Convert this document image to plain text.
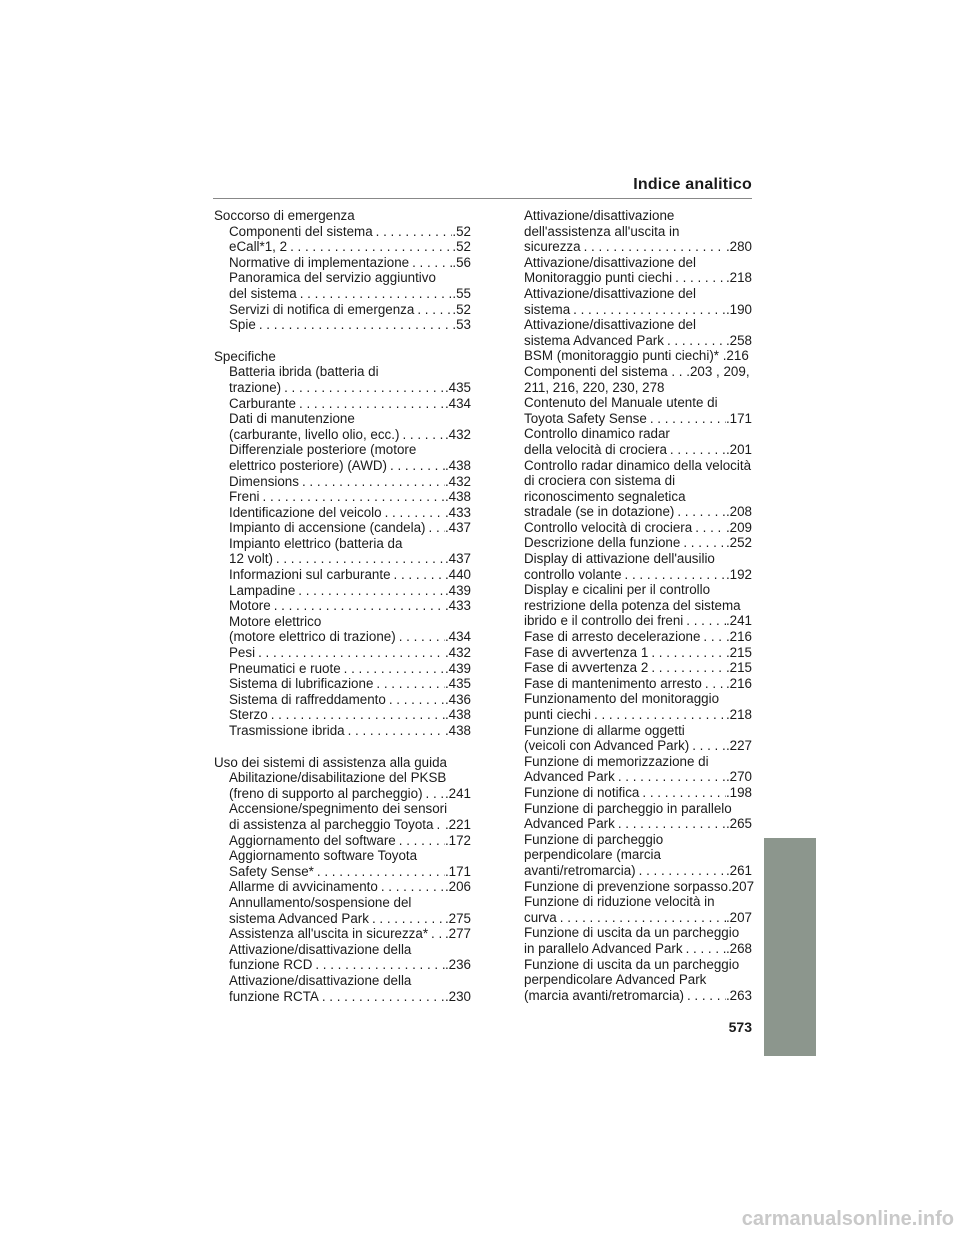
Indice analitico
Soccorso di emergenza
Componenti del sistema . . .	.52
eCall*1, 2 . . .	.52
Normative di implementazione . . .	.56
Panoramica del servizio aggiuntivo
del sistema . . .	.55
Servizi di notifica di emergenza . . .	.52
Spie . . .	.53
Specifiche
Batteria ibrida (batteria di
trazione) . . .	.435
Carburante . . .	.434
Dati di manutenzione
(carburante, livello olio, ecc.) . . .	.432
Differenziale posteriore (motore
elettrico posteriore) (AWD) . . .	.438
Dimensions . . .	.432
Freni . . .	.438
Identificazione del veicolo . . .	.433
Impianto di accensione (candela) . . . .437
Impianto elettrico (batteria da
12 volt) . . .	.437
Informazioni sul carburante . . .	.440
Lampadine . . .	.439
Motore . . .	.433
Motore elettrico
(motore elettrico di trazione) . . .	.434
Pesi . . .	.432
Pneumatici e ruote . . .	.439
Sistema di lubrificazione . . .	.435
Sistema di raffreddamento . . .	.436
Sterzo . . .	.438
Trasmissione ibrida . . .	.438
Uso dei sistemi di assistenza alla guida
Abilitazione/disabilitazione del PKSB
(freno di supporto al parcheggio) . . . .241
Accensione/spegnimento dei sensori
di assistenza al parcheggio Toyota . . . .221
Aggiornamento del software . . .	.172
Aggiornamento software Toyota
Safety Sense* . . .	.171
Allarme di avvicinamento . . .	.206
Annullamento/sospensione del
sistema Advanced Park . . .	.275
Assistenza all'uscita in sicurezza* . . . .277
Attivazione/disattivazione della
funzione RCD . . .	.236
Attivazione/disattivazione della
funzione RCTA . . .	.230
Attivazione/disattivazione
dell'assistenza all'uscita in
sicurezza . . .	.280
Attivazione/disattivazione del
Monitoraggio punti ciechi . . .	.218
Attivazione/disattivazione del
sistema . . .	.190
Attivazione/disattivazione del
sistema Advanced Park . . .	.258
BSM (monitoraggio punti ciechi)* .216
Componenti del sistema . . .203 , 209,
211, 216, 220, 230, 278
Contenuto del Manuale utente di
Toyota Safety Sense . . .	.171
Controllo dinamico radar
della velocità di crociera . . .	.201
Controllo radar dinamico della velocità
di crociera con sistema di
riconoscimento segnaletica
stradale (se in dotazione) . . .	.208
Controllo velocità di crociera . . .	.209
Descrizione della funzione . . .	.252
Display di attivazione dell'ausilio
controllo volante . . .	.192
Display e cicalini per il controllo
restrizione della potenza del sistema
ibrido e il controllo dei freni . . .	.241
Fase di arresto decelerazione . . . .216
Fase di avvertenza 1 . . .	.215
Fase di avvertenza 2 . . .	.215
Fase di mantenimento arresto . . . .216
Funzionamento del monitoraggio
punti ciechi . . .	.218
Funzione di allarme oggetti
(veicoli con Advanced Park) . . .	.227
Funzione di memorizzazione di
Advanced Park . . .	.270
Funzione di notifica . . .	.198
Funzione di parcheggio in parallelo
Advanced Park . . .	.265
Funzione di parcheggio
perpendicolare (marcia
avanti/retromarcia) . . .	.261
Funzione di prevenzione sorpasso.207
Funzione di riduzione velocità in
curva . . .	.207
Funzione di uscita da un parcheggio
in parallelo Advanced Park . . .	.268
Funzione di uscita da un parcheggio
perpendicolare Advanced Park
(marcia avanti/retromarcia) . . .	.263
573
carmanualsonline.info
